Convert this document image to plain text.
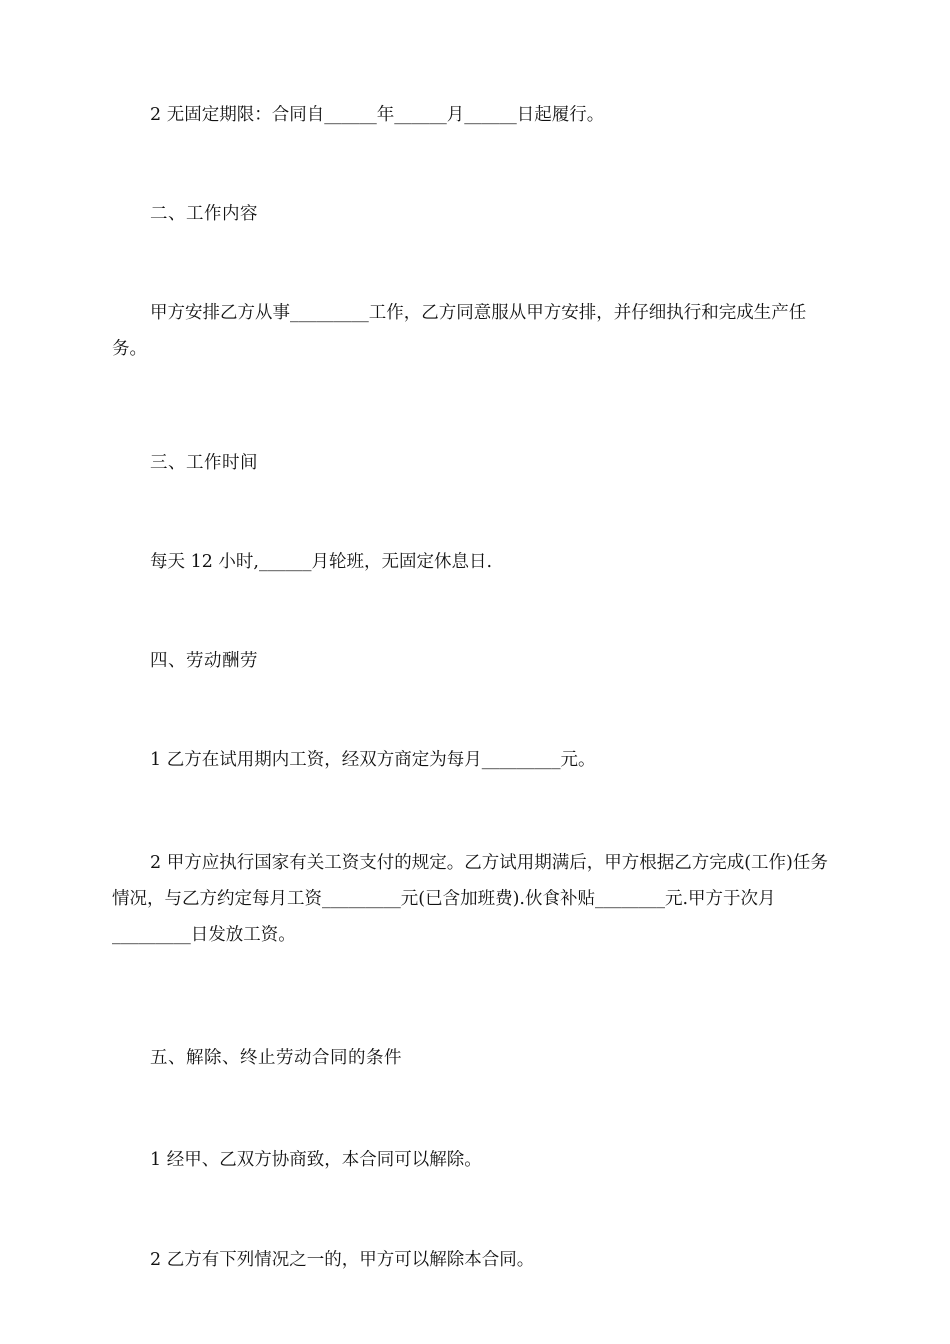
2 无固定期限：合同自______年______月______日起履行。
二、工作内容
甲方安排乙方从事_________工作，乙方同意服从甲方安排，并仔细执行和完成生产任务。
三、工作时间
每天 12 小时,______月轮班，无固定休息日.
四、劳动酬劳
1 乙方在试用期内工资，经双方商定为每月_________元。
2 甲方应执行国家有关工资支付的规定。乙方试用期满后，甲方根据乙方完成(工作)任务情况，与乙方约定每月工资_________元(已含加班费).伙食补贴________元.甲方于次月_________日发放工资。
五、解除、终止劳动合同的条件
1 经甲、乙双方协商致，本合同可以解除。
2 乙方有下列情况之一的，甲方可以解除本合同。
